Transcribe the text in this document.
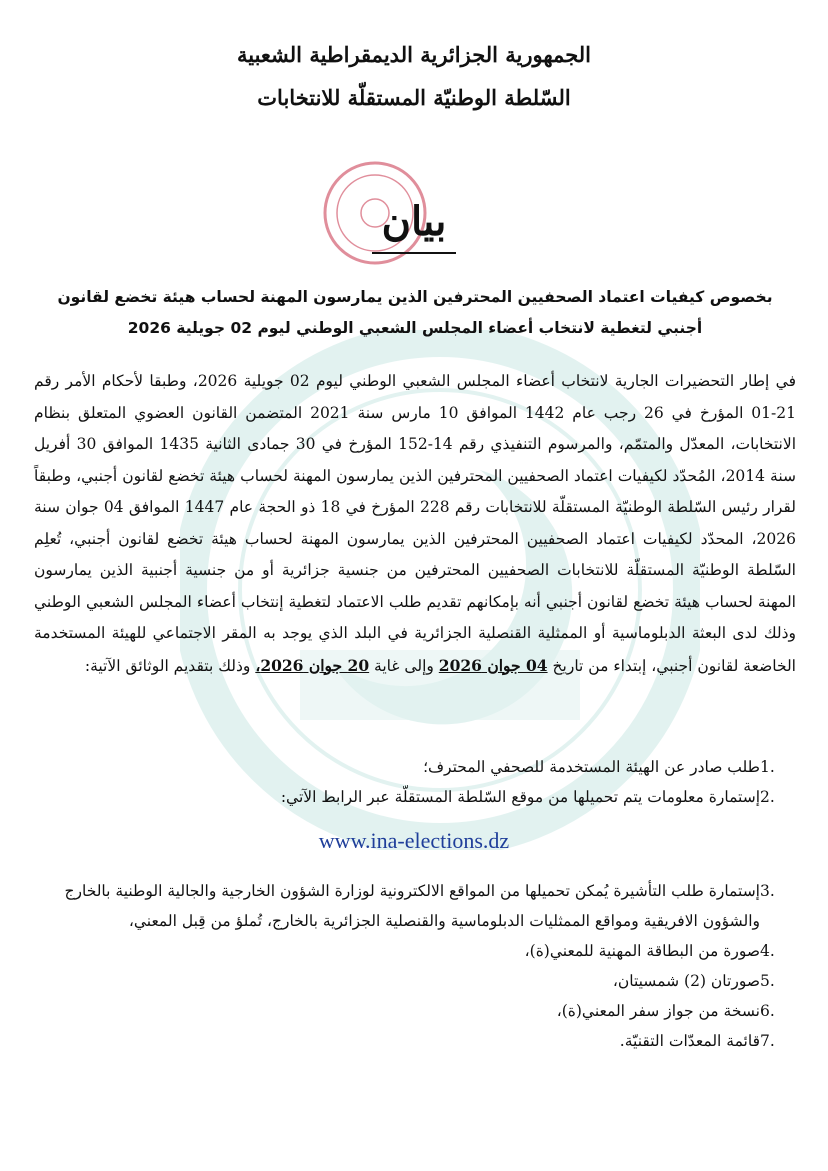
الجمهورية الجزائرية الديمقراطية الشعبية

السّلطة الوطنيّة المستقلّة للانتخابات

بيان
بخصوص كيفيات اعتماد الصحفيين المحترفين الذين يمارسون المهنة لحساب هيئة تخضع لقانون
أجنبي لتغطية لانتخاب أعضاء المجلس الشعبي الوطني ليوم 02 جويلية 2026
في إطار التحضيرات الجارية لانتخاب أعضاء المجلس الشعبي الوطني ليوم 02 جويلية 2026، وطبقا لأحكام الأمر رقم 21-01 المؤرخ في 26 رجب عام 1442 الموافق 10 مارس سنة 2021 المتضمن القانون العضوي المتعلق بنظام الانتخابات، المعدّل والمتمّم، والمرسوم التنفيذي رقم 14-152 المؤرخ في 30 جمادى الثانية 1435 الموافق 30 أفريل سنة 2014، المُحدّد لكيفيات اعتماد الصحفيين المحترفين الذين يمارسون المهنة لحساب هيئة تخضع لقانون أجنبي، وطبقاً لقرار رئيس السّلطة الوطنيّة المستقلّة للانتخابات رقم 228 المؤرخ في 18 ذو الحجة عام 1447 الموافق 04 جوان سنة 2026، المحدّد لكيفيات اعتماد الصحفيين المحترفين الذين يمارسون المهنة لحساب هيئة تخضع لقانون أجنبي، تُعلِم السّلطة الوطنيّة المستقلّة للانتخابات الصحفيين المحترفين من جنسية جزائرية أو من جنسية أجنبية الذين يمارسون المهنة لحساب هيئة تخضع لقانون أجنبي أنه بإمكانهم تقديم طلب الاعتماد لتغطية إنتخاب أعضاء المجلس الشعبي الوطني وذلك لدى البعثة الدبلوماسية أو الممثلية القنصلية الجزائرية في البلد الذي يوجد به المقر الاجتماعي للهيئة المستخدمة الخاضعة لقانون أجنبي، إبتداء من تاريخ 04 جوان 2026 وإلى غاية 20 جوان 2026، وذلك بتقديم الوثائق الآتية:
1.
طلب صادر عن الهيئة المستخدمة للصحفي المحترف؛
2.
إستمارة معلومات يتم تحميلها من موقع السّلطة المستقلّة عبر الرابط الآتي:
www.ina-elections.dz
3.
إستمارة طلب التأشيرة يُمكن تحميلها من المواقع الالكترونية لوزارة الشؤون الخارجية والجالية الوطنية بالخارج والشؤون الافريقية ومواقع الممثليات الدبلوماسية والقنصلية الجزائرية بالخارج، تُملؤ من قِبل المعني،
4.
صورة من البطاقة المهنية للمعني(ة)،
5.
صورتان (2) شمسيتان،
6.
نسخة من جواز سفر المعني(ة)،
7.
قائمة المعدّات التقنيّة.
